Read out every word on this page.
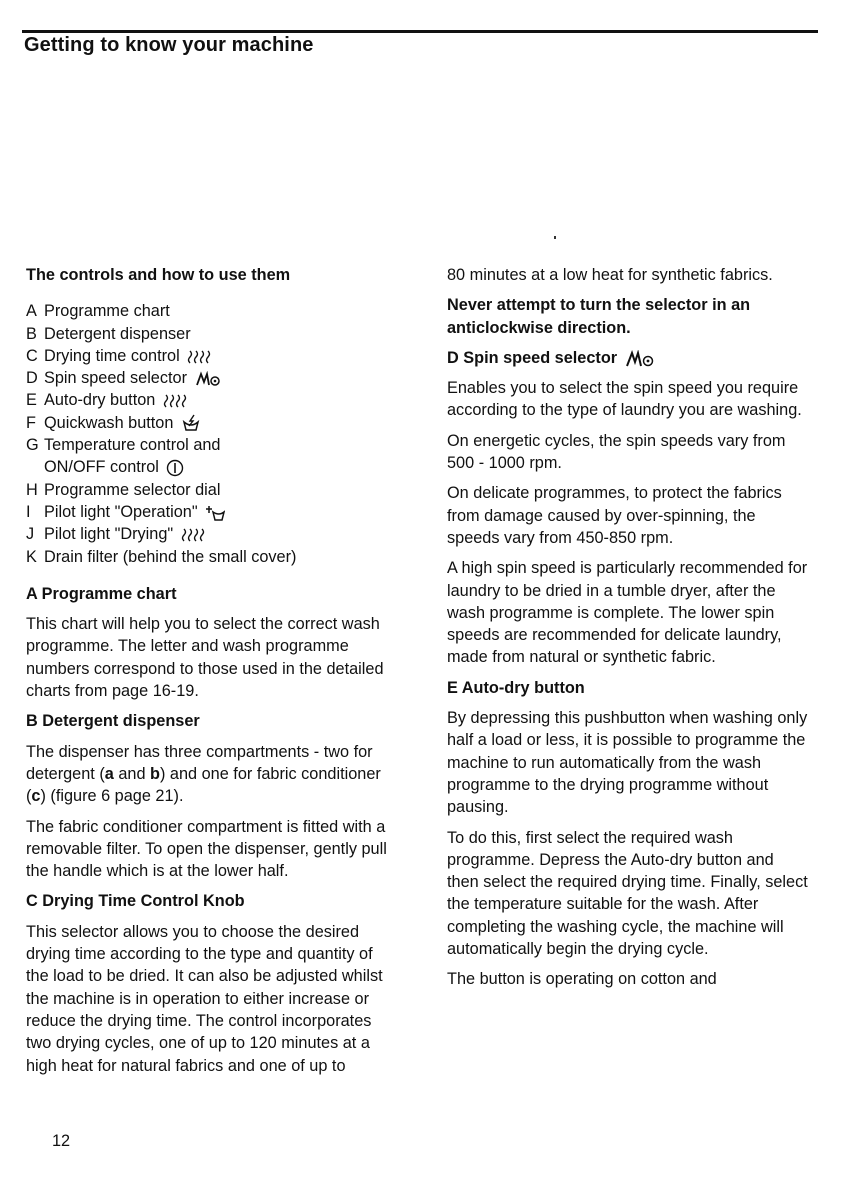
Getting to know your machine
The controls and how to use them
A Programme chart
B Detergent dispenser
C Drying time control
D Spin speed selector
E Auto-dry button
F Quickwash button
G Temperature control and
ON/OFF control
H Programme selector dial
I Pilot light "Operation"
J Pilot light "Drying"
K Drain filter (behind the small cover)
A Programme chart

This chart will help you to select the correct wash programme. The letter and wash programme numbers correspond to those used in the detailed charts from page 16-19.

B Detergent dispenser

The dispenser has three compartments - two for detergent (a and b) and one for fabric conditioner (c) (figure 6 page 21).

The fabric conditioner compartment is fitted with a removable filter. To open the dispenser, gently pull the handle which is at the lower half.

C Drying Time Control Knob

This selector allows you to choose the desired drying time according to the type and quantity of the load to be dried. It can also be adjusted whilst the machine is in operation to either increase or reduce the drying time. The control incorporates two drying cycles, one of up to 120 minutes at a high heat for natural fabrics and one of up to

80 minutes at a low heat for synthetic fabrics.

Never attempt to turn the selector in an anticlockwise direction.

D Spin speed selector

Enables you to select the spin speed you require according to the type of laundry you are washing.

On energetic cycles, the spin speeds vary from 500 - 1000 rpm.

On delicate programmes, to protect the fabrics from damage caused by over-spinning, the speeds vary from 450-850 rpm.

A high spin speed is particularly recommended for laundry to be dried in a tumble dryer, after the wash programme is complete. The lower spin speeds are recommended for delicate laundry, made from natural or synthetic fabric.

E Auto-dry button

By depressing this pushbutton when washing only half a load or less, it is possible to programme the machine to run automatically from the wash programme to the drying programme without pausing.

To do this, first select the required wash programme. Depress the Auto-dry button and then select the required drying time. Finally, select the temperature suitable for the wash. After completing the washing cycle, the machine will automatically begin the drying cycle.

The button is operating on cotton and

12
